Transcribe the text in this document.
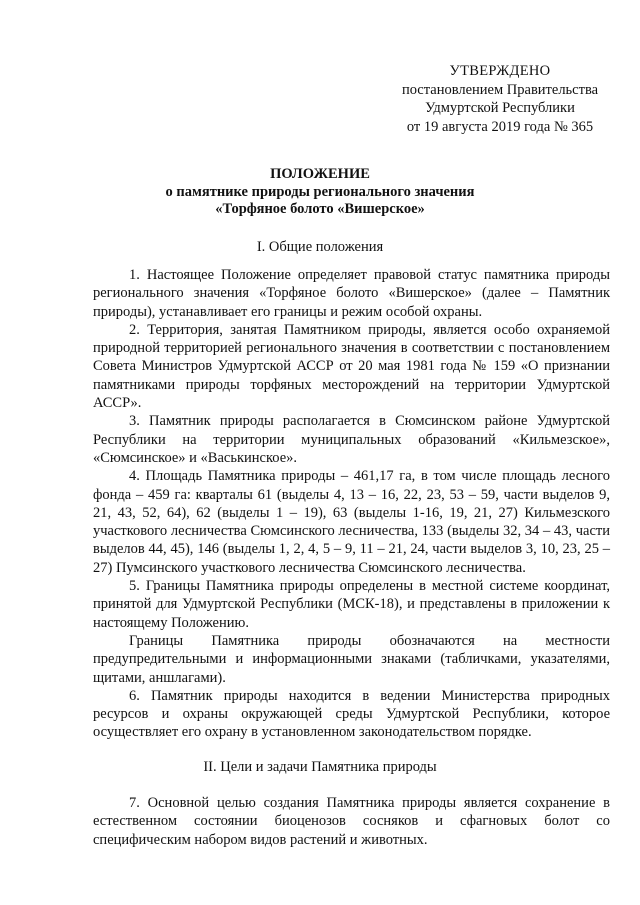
УТВЕРЖДЕНО
постановлением Правительства
Удмуртской Республики
от 19 августа 2019 года № 365
ПОЛОЖЕНИЕ
о памятнике природы регионального значения
«Торфяное болото «Вишерское»
I. Общие положения

1. Настоящее Положение определяет правовой статус памятника природы регионального значения «Торфяное болото «Вишерское» (далее – Памятник природы), устанавливает его границы и режим особой охраны.

2. Территория, занятая Памятником природы, является особо охраняемой природной территорией регионального значения в соответствии с постановлением Совета Министров Удмуртской АССР от 20 мая 1981 года № 159 «О признании памятниками природы торфяных месторождений на территории Удмуртской АССР».

3. Памятник природы располагается в Сюмсинском районе Удмуртской Республики на территории муниципальных образований «Кильмезское», «Сюмсинское» и «Васькинское».

4. Площадь Памятника природы – 461,17 га, в том числе площадь лесного фонда – 459 га: кварталы 61 (выделы 4, 13 – 16, 22, 23, 53 – 59, части выделов 9, 21, 43, 52, 64), 62 (выделы 1 – 19), 63 (выделы 1-16, 19, 21, 27) Кильмезского участкового лесничества Сюмсинского лесничества, 133 (выделы 32, 34 – 43, части выделов 44, 45), 146 (выделы 1, 2, 4, 5 – 9, 11 – 21, 24, части выделов 3, 10, 23, 25 – 27) Пумсинского участкового лесничества Сюмсинского лесничества.

5. Границы Памятника природы определены в местной системе координат, принятой для Удмуртской Республики (МСК-18), и представлены в приложении к настоящему Положению.

Границы Памятника природы обозначаются на местности предупредительными и информационными знаками (табличками, указателями, щитами, аншлагами).

6. Памятник природы находится в ведении Министерства природных ресурсов и охраны окружающей среды Удмуртской Республики, которое осуществляет его охрану в установленном законодательством порядке.

II. Цели и задачи Памятника природы

7. Основной целью создания Памятника природы является сохранение в естественном состоянии биоценозов сосняков и сфагновых болот со специфическим набором видов растений и животных.
